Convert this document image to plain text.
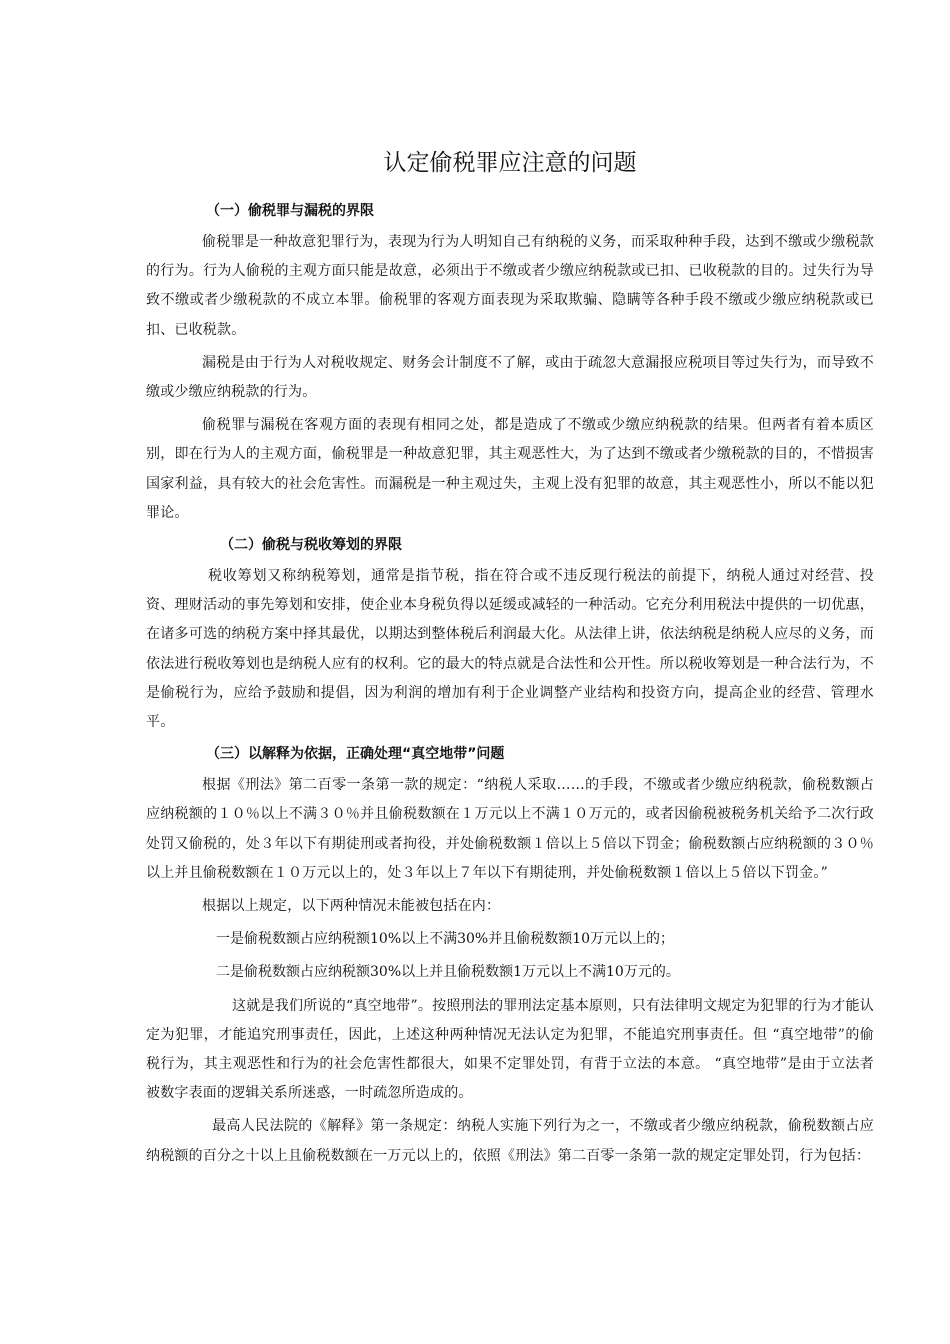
认定偷税罪应注意的问题
（一）偷税罪与漏税的界限

偷税罪是一种故意犯罪行为，表现为行为人明知自己有纳税的义务，而采取种种手段，达到不缴或少缴税款的行为。行为人偷税的主观方面只能是故意，必须出于不缴或者少缴应纳税款或已扣、已收税款的目的。过失行为导致不缴或者少缴税款的不成立本罪。偷税罪的客观方面表现为采取欺骗、隐瞒等各种手段不缴或少缴应纳税款或已扣、已收税款。

漏税是由于行为人对税收规定、财务会计制度不了解，或由于疏忽大意漏报应税项目等过失行为，而导致不缴或少缴应纳税款的行为。

偷税罪与漏税在客观方面的表现有相同之处，都是造成了不缴或少缴应纳税款的结果。但两者有着本质区别，即在行为人的主观方面，偷税罪是一种故意犯罪，其主观恶性大，为了达到不缴或者少缴税款的目的，不惜损害国家利益，具有较大的社会危害性。而漏税是一种主观过失，主观上没有犯罪的故意，其主观恶性小，所以不能以犯罪论。

（二）偷税与税收筹划的界限

税收筹划又称纳税筹划，通常是指节税，指在符合或不违反现行税法的前提下，纳税人通过对经营、投资、理财活动的事先筹划和安排，使企业本身税负得以延缓或减轻的一种活动。它充分利用税法中提供的一切优惠，在诸多可选的纳税方案中择其最优，以期达到整体税后利润最大化。从法律上讲，依法纳税是纳税人应尽的义务，而依法进行税收筹划也是纳税人应有的权利。它的最大的特点就是合法性和公开性。所以税收筹划是一种合法行为，不是偷税行为，应给予鼓励和提倡，因为利润的增加有利于企业调整产业结构和投资方向，提高企业的经营、管理水平。

（三）以解释为依据，正确处理“真空地带”问题

根据《刑法》第二百零一条第一款的规定：“纳税人采取……的手段，不缴或者少缴应纳税款，偷税数额占应纳税额的１０％以上不满３０％并且偷税数额在１万元以上不满１０万元的，或者因偷税被税务机关给予二次行政处罚又偷税的，处３年以下有期徒刑或者拘役，并处偷税数额１倍以上５倍以下罚金；偷税数额占应纳税额的３０％以上并且偷税数额在１０万元以上的，处３年以上７年以下有期徒刑，并处偷税数额１倍以上５倍以下罚金。”

根据以上规定，以下两种情况未能被包括在内：

一是偷税数额占应纳税额10%以上不满30%并且偷税数额10万元以上的；
二是偷税数额占应纳税额30%以上并且偷税数额1万元以上不满10万元的。

这就是我们所说的“真空地带”。按照刑法的罪刑法定基本原则，只有法律明文规定为犯罪的行为才能认定为犯罪，才能追究刑事责任，因此，上述这种两种情况无法认定为犯罪，不能追究刑事责任。但 “真空地带”的偷税行为，其主观恶性和行为的社会危害性都很大，如果不定罪处罚，有背于立法的本意。 “真空地带”是由于立法者被数字表面的逻辑关系所迷惑，一时疏忽所造成的。

最高人民法院的《解释》第一条规定：纳税人实施下列行为之一，不缴或者少缴应纳税款，偷税数额占应纳税额的百分之十以上且偷税数额在一万元以上的，依照《刑法》第二百零一条第一款的规定定罪处罚，行为包括：
